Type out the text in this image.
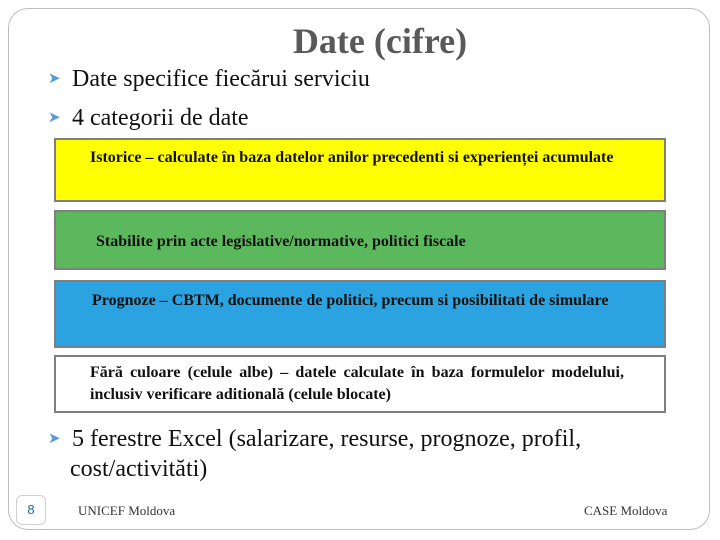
Date (cifre)
➤ Date specifice fiecărui serviciu
➤ 4 categorii de date
Istorice – calculate în baza datelor anilor precedenti si experienței acumulate
Stabilite prin acte legislative/normative, politici fiscale
Prognoze – CBTM, documente de politici, precum si posibilitati de simulare
Fără culoare (celule albe) – datele calculate în baza formulelor modelului, inclusiv verificare aditională (celule blocate)
➤ 5 ferestre Excel (salarizare, resurse, prognoze, profil,
cost/activităti)
8	UNICEF Moldova	CASE Moldova
